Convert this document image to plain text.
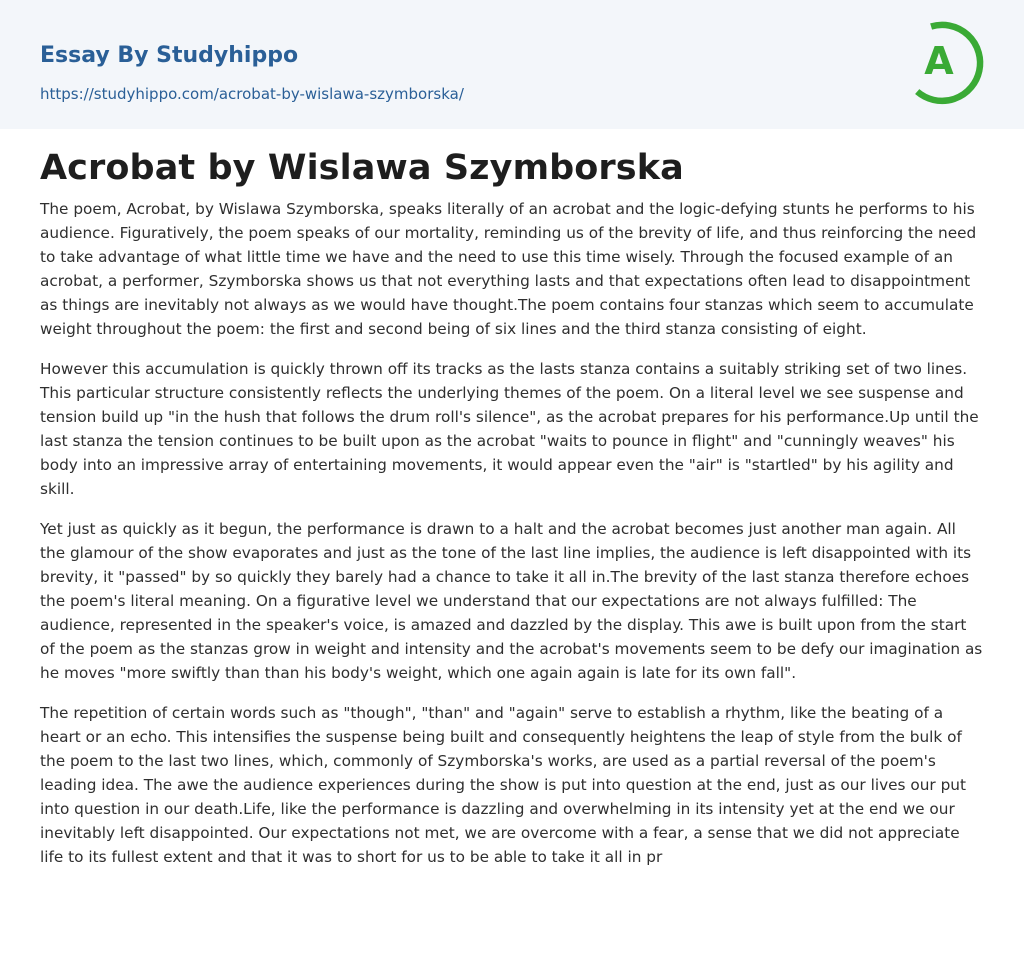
Essay By Studyhippo
https://studyhippo.com/acrobat-by-wislawa-szymborska/
A
Acrobat by Wislawa Szymborska

The poem, Acrobat, by Wislawa Szymborska, speaks literally of an acrobat and the logic-defying stunts he performs to his audience. Figuratively, the poem speaks of our mortality, reminding us of the brevity of life, and thus reinforcing the need to take advantage of what little time we have and the need to use this time wisely. Through the focused example of an acrobat, a performer, Szymborska shows us that not everything lasts and that expectations often lead to disappointment as things are inevitably not always as we would have thought.The poem contains four stanzas which seem to accumulate weight throughout the poem: the first and second being of six lines and the third stanza consisting of eight.

However this accumulation is quickly thrown off its tracks as the lasts stanza contains a suitably striking set of two lines. This particular structure consistently reflects the underlying themes of the poem. On a literal level we see suspense and tension build up "in the hush that follows the drum roll's silence", as the acrobat prepares for his performance.Up until the last stanza the tension continues to be built upon as the acrobat "waits to pounce in flight" and "cunningly weaves" his body into an impressive array of entertaining movements, it would appear even the "air" is "startled" by his agility and skill.

Yet just as quickly as it begun, the performance is drawn to a halt and the acrobat becomes just another man again. All the glamour of the show evaporates and just as the tone of the last line implies, the audience is left disappointed with its brevity, it "passed" by so quickly they barely had a chance to take it all in.The brevity of the last stanza therefore echoes the poem's literal meaning. On a figurative level we understand that our expectations are not always fulfilled: The audience, represented in the speaker's voice, is amazed and dazzled by the display. This awe is built upon from the start of the poem as the stanzas grow in weight and intensity and the acrobat's movements seem to be defy our imagination as he moves "more swiftly than than his body's weight, which one again again is late for its own fall".

The repetition of certain words such as "though", "than" and "again" serve to establish a rhythm, like the beating of a heart or an echo. This intensifies the suspense being built and consequently heightens the leap of style from the bulk of the poem to the last two lines, which, commonly of Szymborska's works, are used as a partial reversal of the poem's leading idea. The awe the audience experiences during the show is put into question at the end, just as our lives our put into question in our death.Life, like the performance is dazzling and overwhelming in its intensity yet at the end we our inevitably left disappointed. Our expectations not met, we are overcome with a fear, a sense that we did not appreciate life to its fullest extent and that it was to short for us to be able to take it all in pr
